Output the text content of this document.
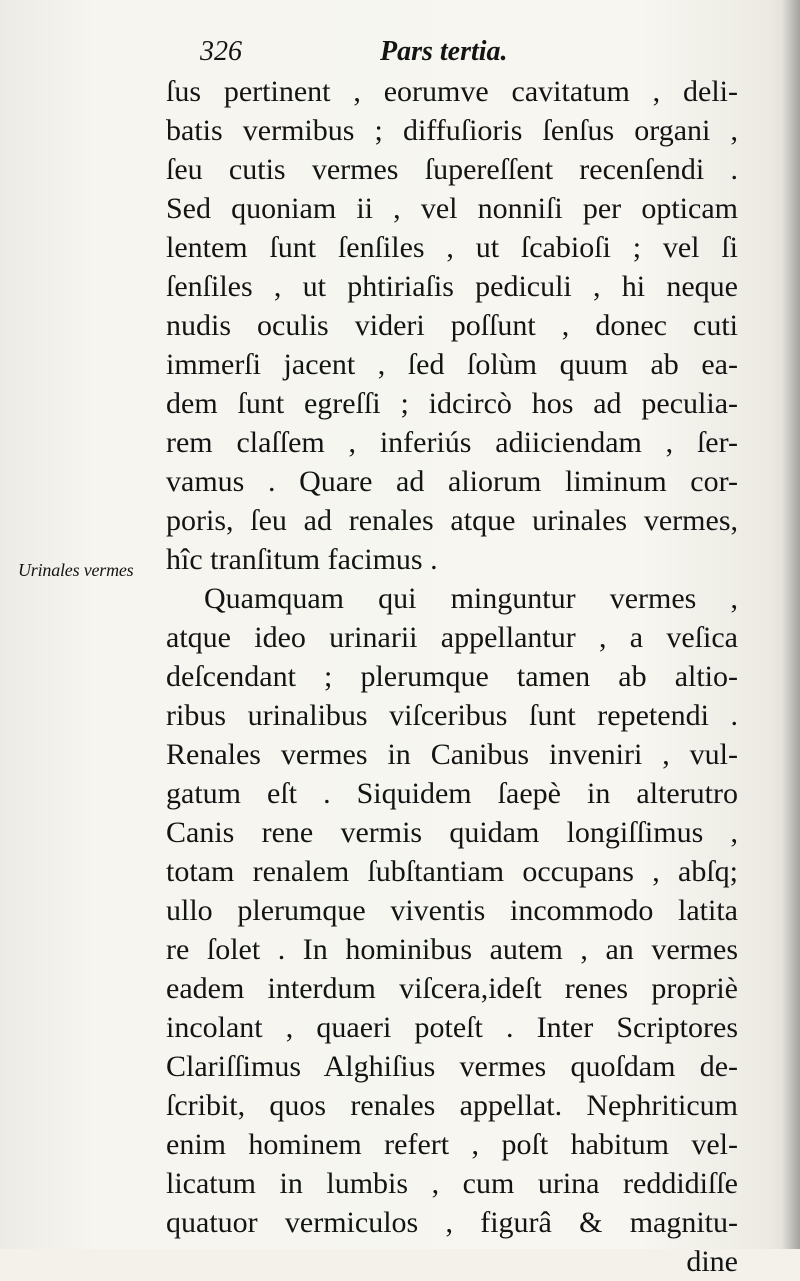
326	Pars tertia.
Urinales vermes
ſus pertinent , eorumve cavitatum , deli-
batis vermibus ; diffuſioris ſenſus organi ,
ſeu cutis vermes ſupereſſent recenſendi .
Sed quoniam ii , vel nonniſi per opticam
lentem ſunt ſenſiles , ut ſcabioſi ; vel ſi
ſenſiles , ut phtiriaſis pediculi , hi neque
nudis oculis videri poſſunt , donec cuti
immerſi jacent , ſed ſolùm quum ab ea-
dem ſunt egreſſi ; idcircò hos ad peculia-
rem claſſem , inferiús adiiciendam , ſer-
vamus . Quare ad aliorum liminum cor-
poris, ſeu ad renales atque urinales vermes,
hîc tranſitum facimus .
Quamquam qui minguntur vermes ,
atque ideo urinarii appellantur , a veſica
deſcendant ; plerumque tamen ab altio-
ribus urinalibus viſceribus ſunt repetendi .
Renales vermes in Canibus inveniri , vul-
gatum eſt . Siquidem ſaepè in alterutro
Canis rene vermis quidam longiſſimus ,
totam renalem ſubſtantiam occupans , abſq;
ullo plerumque viventis incommodo latita
re ſolet . In hominibus autem , an vermes
eadem interdum viſcera,ideſt renes propriè
incolant , quaeri poteſt . Inter Scriptores
Clariſſimus Alghiſius vermes quoſdam de-
ſcribit, quos renales appellat. Nephriticum
enim hominem refert , poſt habitum vel-
licatum in lumbis , cum urina reddidiſſe
quatuor vermiculos , figurâ & magnitu-
dine
